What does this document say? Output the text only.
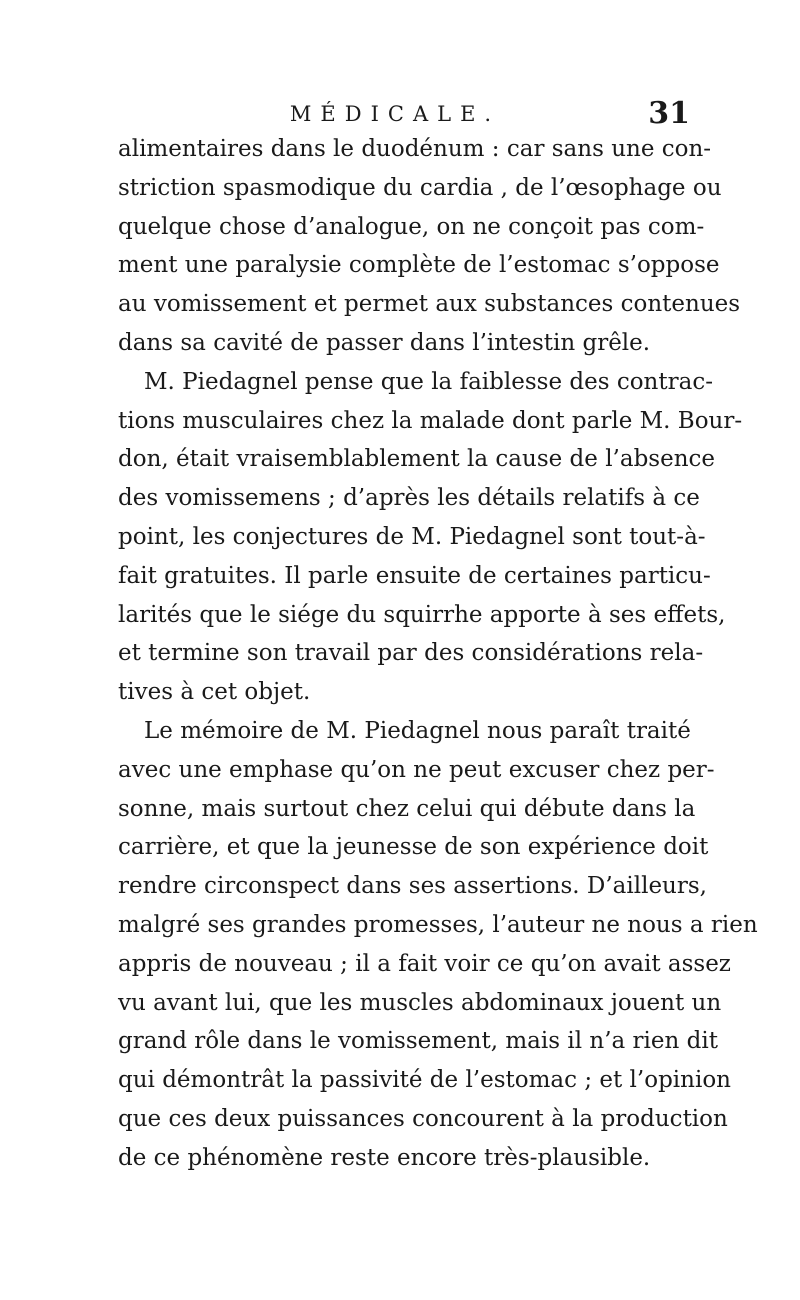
MÉDICALE.	31
alimentaires dans le duodénum : car sans une con-
striction spasmodique du cardia , de l’œsophage ou
quelque chose d’analogue, on ne conçoit pas com-
ment une paralysie complète de l’estomac s’oppose
au vomissement et permet aux substances contenues
dans sa cavité de passer dans l’intestin grêle.
M. Piedagnel pense que la faiblesse des contrac-
tions musculaires chez la malade dont parle M. Bour-
don, était vraisemblablement la cause de l’absence
des vomissemens ; d’après les détails relatifs à ce
point, les conjectures de M. Piedagnel sont tout-à-
fait gratuites. Il parle ensuite de certaines particu-
larités que le siége du squirrhe apporte à ses effets,
et termine son travail par des considérations rela-
tives à cet objet.
Le mémoire de M. Piedagnel nous paraît traité
avec une emphase qu’on ne peut excuser chez per-
sonne, mais surtout chez celui qui débute dans la
carrière, et que la jeunesse de son expérience doit
rendre circonspect dans ses assertions. D’ailleurs,
malgré ses grandes promesses, l’auteur ne nous a rien
appris de nouveau ; il a fait voir ce qu’on avait assez
vu avant lui, que les muscles abdominaux jouent un
grand rôle dans le vomissement, mais il n’a rien dit
qui démontrât la passivité de l’estomac ; et l’opinion
que ces deux puissances concourent à la production
de ce phénomène reste encore très-plausible.
